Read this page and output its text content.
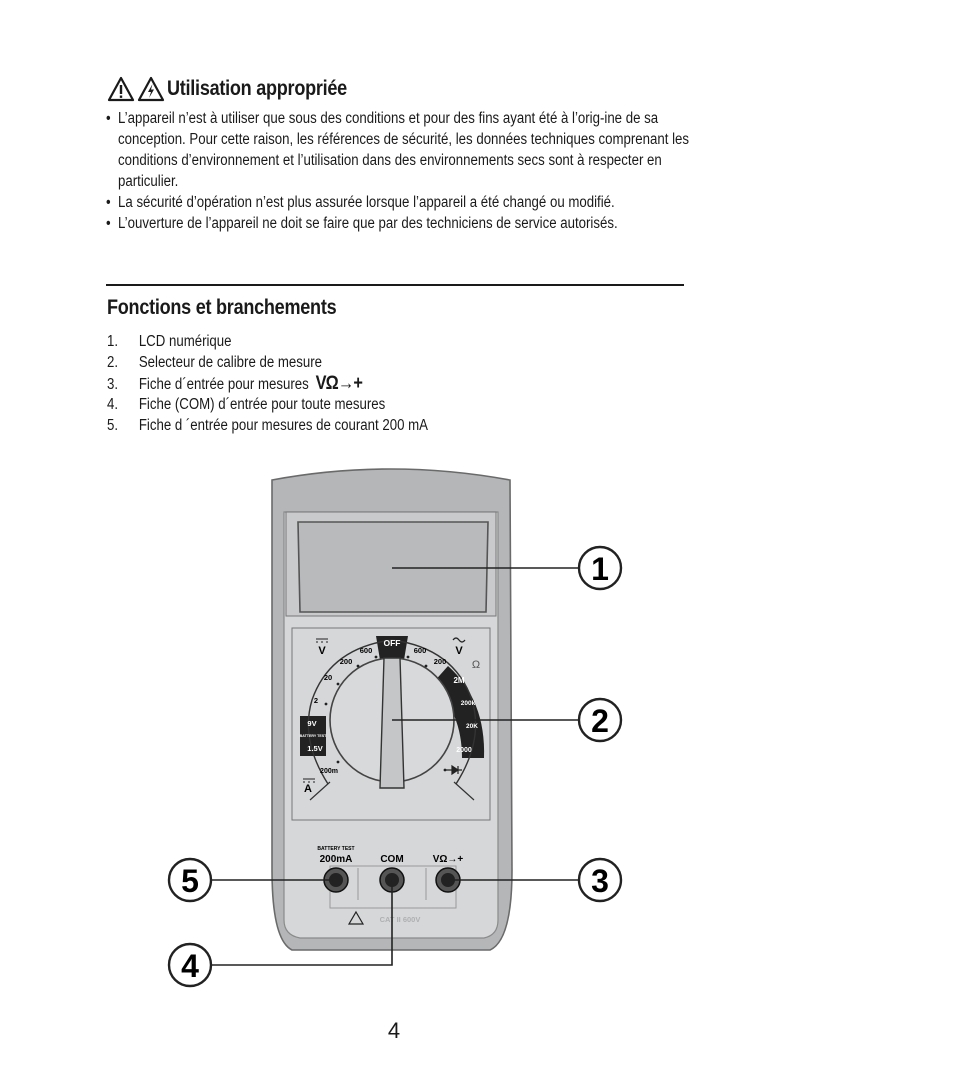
Utilisation appropriée
• L’appareil n’est à utiliser que sous des conditions et pour des fins ayant été à l’orig-ine de sa conception. Pour cette raison, les références de sécurité, les données techniques comprenant les conditions d’environnement et l’utilisation dans des environnements secs sont à respecter en particulier.
• La sécurité d’opération n’est plus assurée lorsque l’appareil a été changé ou modifié.
• L’ouverture de l’appareil ne doit se faire que par des techniciens de service autorisés.
Fonctions et branchements
1. LCD numérique
2. Selecteur de calibre de mesure
3. Fiche d´entrée pour mesures VΩ→+
4. Fiche (COM) d´entrée pour toute mesures
5. Fiche d ´entrée pour mesures de courant 200 mA
OFF
V	V
600
200
20
2
600
200 Ω
2M
200k
20K
2000
9V
BATTERY TEST
1.5V
200m
A
BATTERY TEST
200mA	COM	VΩ→+
CAT II 600V
1
2
3
4
5
4
